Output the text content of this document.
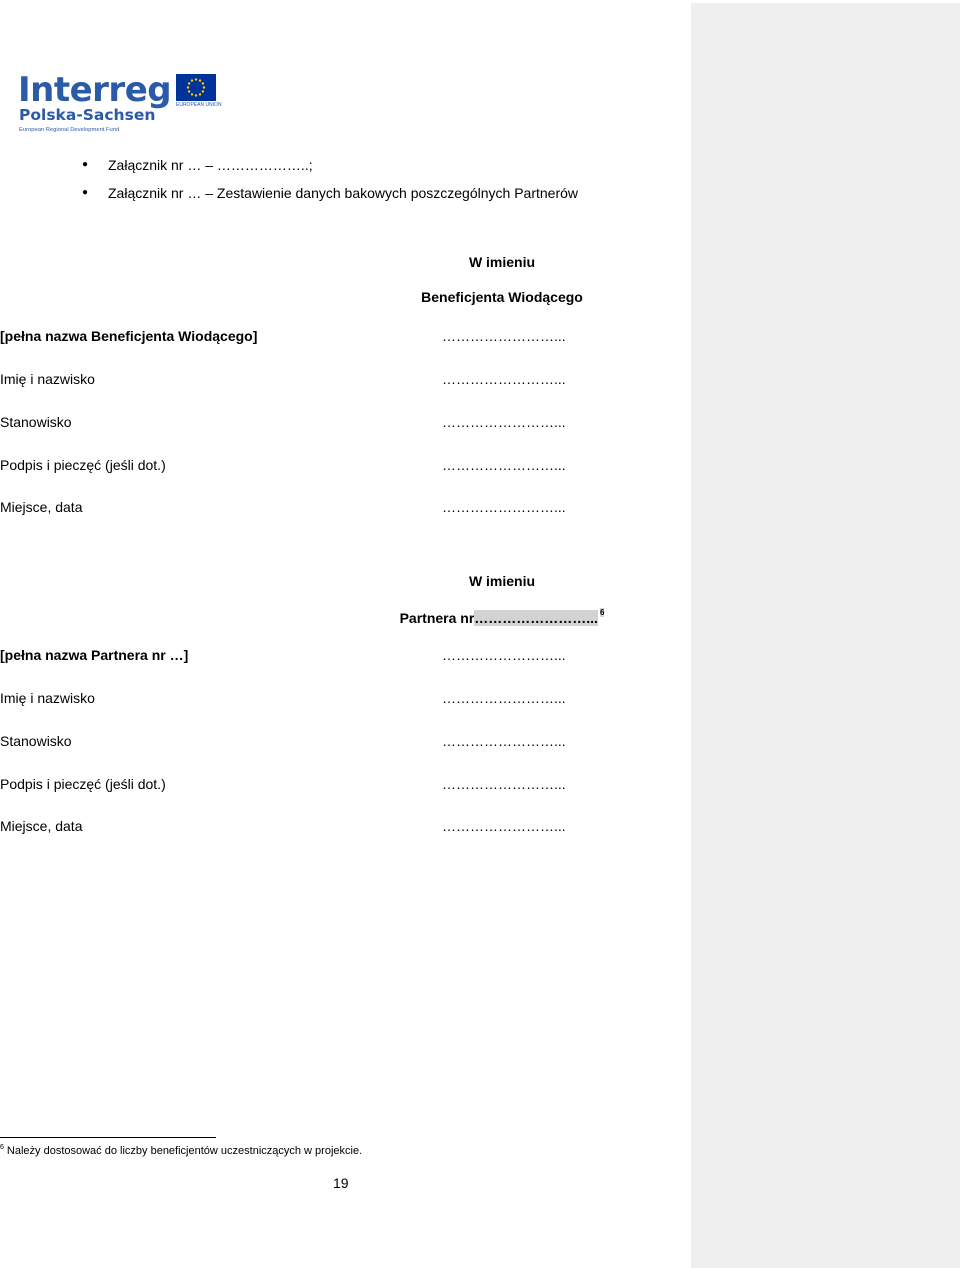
Interreg
Polska-Sachsen
European Regional Development Fund
EUROPEAN UNION
●	Załącznik nr … – ………………..;
●	Załącznik nr … – Zestawienie danych bakowych poszczególnych Partnerów
W imieniu
Beneficjenta Wiodącego
[pełna nazwa Beneficjenta Wiodącego]	……………………...
Imię i nazwisko	……………………...
Stanowisko	……………………...
Podpis i pieczęć (jeśli dot.)	……………………...
Miejsce, data	……………………...
W imieniu
Partnera nr……………………... $^6$
[pełna nazwa Partnera nr …]	……………………...
Imię i nazwisko	……………………...
Stanowisko	……………………...
Podpis i pieczęć (jeśli dot.)	……………………...
Miejsce, data	……………………...
$^6$ Należy dostosować do liczby beneficjentów uczestniczących w projekcie.
19
